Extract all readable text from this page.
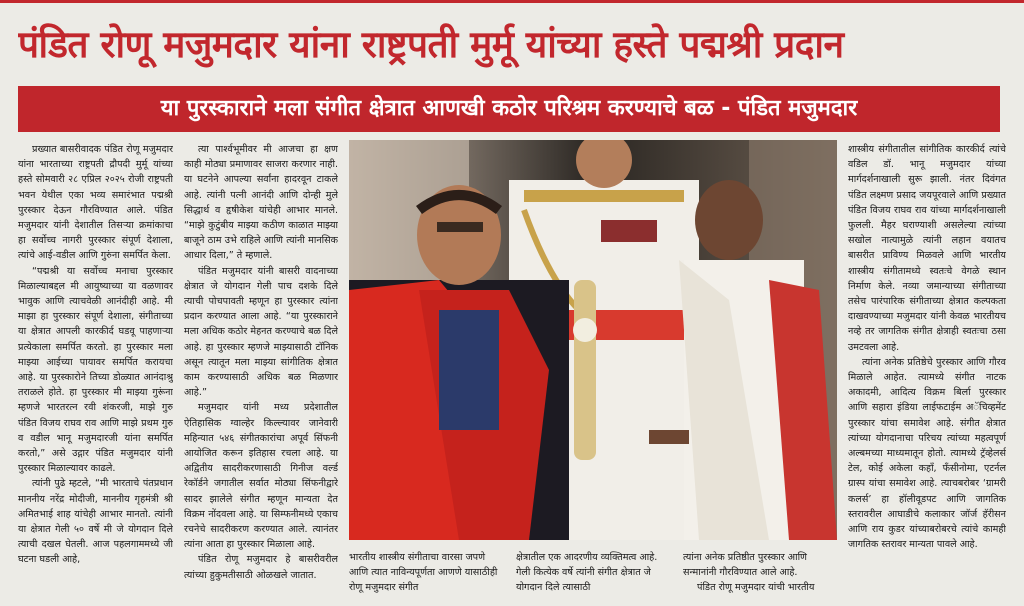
पंडित रोणू मजुमदार यांना राष्ट्रपती मुर्मू यांच्या हस्ते पद्मश्री प्रदान
या पुरस्काराने मला संगीत क्षेत्रात आणखी कठोर परिश्रम करण्याचे बळ - पंडित मजुमदार

प्रख्यात बासरीवादक पंडित रोणू मजुमदार यांना भारताच्या राष्ट्रपती द्रौपदी मुर्मू यांच्या हस्ते सोमवारी २८ एप्रिल २०२५ रोजी राष्ट्रपती भवन येथील एका भव्य समारंभात पद्मश्री पुरस्कार देऊन गौरविण्यात आले. पंडित मजुमदार यांनी देशातील तिसऱ्या क्रमांकाचा हा सर्वोच्च नागरी पुरस्कार संपूर्ण देशाला, त्यांचे आई-वडील आणि गुरुंना समर्पित केला.

“पद्मश्री या सर्वोच्च मनाचा पुरस्कार मिळाल्याबद्दल मी आयुष्याच्या या वळणावर भावुक आणि त्याचवेळी आनंदीही आहे. मी माझा हा पुरस्कार संपूर्ण देशाला, संगीताच्या या क्षेत्रात आपली कारकीर्द घडवू पाहणाऱ्या प्रत्येकाला समर्पित करतो. हा पुरस्कार मला माझ्या आईच्या पायावर समर्पित करायचा आहे. या पुरस्कारोने तिच्या डोळ्यात आनंदाश्रु तराळले होते. हा पुरस्कार मी माझ्या गुरूंना म्हणजे भारतरत्न रवी शंकरजी, माझे गुरु पंडित विजय राघव राव आणि माझे प्रथम गुरु व वडील भानू मजुमदारजी यांना समर्पित करतो,” असे उद्गार पंडित मजुमदार यांनी पुरस्कार मिळाल्यावर काढले.

त्यांनी पुढे म्हटले, “मी भारताचे पंतप्रधान माननीय नरेंद्र मोदीजी, माननीय गृहमंत्री श्री अमितभाई शाह यांचेही आभार मानतो. त्यांनी या क्षेत्रात गेली ५० वर्षे मी जे योगदान दिले त्याची दखल घेतली. आज पहलगाममध्ये जी घटना घडली आहे,

त्या पार्श्वभूमीवर मी आजचा हा क्षण काही मोठ्या प्रमाणावर साजरा करणार नाही. या घटनेने आपल्या सर्वांना हादरवून टाकले आहे. त्यांनी पत्नी आनंदी आणि दोन्ही मुले सिद्धार्थ व हृषीकेश यांचेही आभार मानले. “माझे कुटुंबीय माझ्या कठीण काळात माझ्या बाजूने ठाम उभे राहिले आणि त्यांनी मानसिक आधार दिला,” ते म्हणाले.

पंडित मजुमदार यांनी बासरी वादनाच्या क्षेत्रात जे योगदान गेली पाच दशके दिले त्याची पोचपावती म्हणून हा पुरस्कार त्यांना प्रदान करण्यात आला आहे. “या पुरस्काराने मला अधिक कठोर मेहनत करण्याचे बळ दिले आहे. हा पुरस्कार म्हणजे माझ्यासाठी टॉनिक असून त्यातून मला माझ्या सांगीतिक क्षेत्रात काम करण्यासाठी अधिक बळ मिळणार आहे.”

मजुमदार यांनी मध्य प्रदेशातील ऐतिहासिक ग्वाल्हेर किल्ल्यावर जानेवारी महिन्यात ५४६ संगीतकारांचा अपूर्व सिंफनी आयोजित करून इतिहास रचला आहे. या अद्वितीय सादरीकरणासाठी गिनीज वर्ल्ड रेकॉर्डने जगातील सर्वात मोठ्या सिंफनीद्वारे सादर झालेले संगीत म्हणून मान्यता देत विक्रम नोंदवला आहे. या सिम्फनीमध्ये एकाच रचनेचे सादरीकरण करण्यात आले. त्यानंतर त्यांना आता हा पुरस्कार मिळाला आहे.

पंडित रोणू मजुमदार हे बासरीवरील त्यांच्या हुकुमतीसाठी ओळखले जातात.

भारतीय शास्त्रीय संगीताचा वारसा जपणे आणि त्यात नाविन्यपूर्णता आणणे यासाठीही रोणू मजुमदार संगीत

क्षेत्रातील एक आदरणीय व्यक्तिमत्व आहे. गेली कित्येक वर्षे त्यांनी संगीत क्षेत्रात जे योगदान दिले त्यासाठी

त्यांना अनेक प्रतिष्ठीत पुरस्कार आणि सन्मानांनी गौरविण्यात आले आहे.

पंडित रोणू मजुमदार यांची भारतीय

शास्त्रीय संगीतातील सांगीतिक कारकीर्द त्यांचे वडिल डॉ. भानू मजुमदार यांच्या मार्गदर्शनाखाली सुरू झाली. नंतर दिवंगत पंडित लक्ष्मण प्रसाद जयपूरवाले आणि प्रख्यात पंडित विजय राघव राव यांच्या मार्गदर्शनाखाली फुलली. मैहर घराण्याशी असलेल्या त्यांच्या सखोल नात्यामुळे त्यांनी लहान वयातच बासरीत प्राविण्य मिळवले आणि भारतीय शास्त्रीय संगीतामध्ये स्वतःचे वेगळे स्थान निर्माण केले. नव्या जमान्याच्या संगीताच्या तसेच पारंपारिक संगीताच्या क्षेत्रात कल्पकता दाखवण्याच्या मजुमदार यांनी केवळ भारतीयच नव्हे तर जागतिक संगीत क्षेत्राही स्वतःचा ठसा उमटवला आहे.

त्यांना अनेक प्रतिष्ठेचे पुरस्कार आणि गौरव मिळाले आहेत. त्यामध्ये संगीत नाटक अकादमी, आदित्य विक्रम बिर्ला पुरस्कार आणि सहारा इंडिया लाईफटाईम अॅचिव्हमेंट पुरस्कार यांचा समावेश आहे. संगीत क्षेत्रात त्यांच्या योगदानाचा परिचय त्यांच्या महत्वपूर्ण अल्बमच्या माध्यमातून होतो. त्यामध्ये ट्रॅव्हेलर्स टेल, कोई अकेला कहाँ, फँसीनोमा, एटर्नल ग्रास्प यांचा समावेश आहे. त्याचबरोबर ‘ग्रामरी कलर्स’ हा हॉलीवूडपट आणि जागतिक स्तरावरील आघाडीचे कलाकार जॉर्ज हॅरीसन आणि राय कुडर यांच्याबरोबरचे त्यांचे कामही जागतिक स्तरावर मान्यता पावले आहे.
